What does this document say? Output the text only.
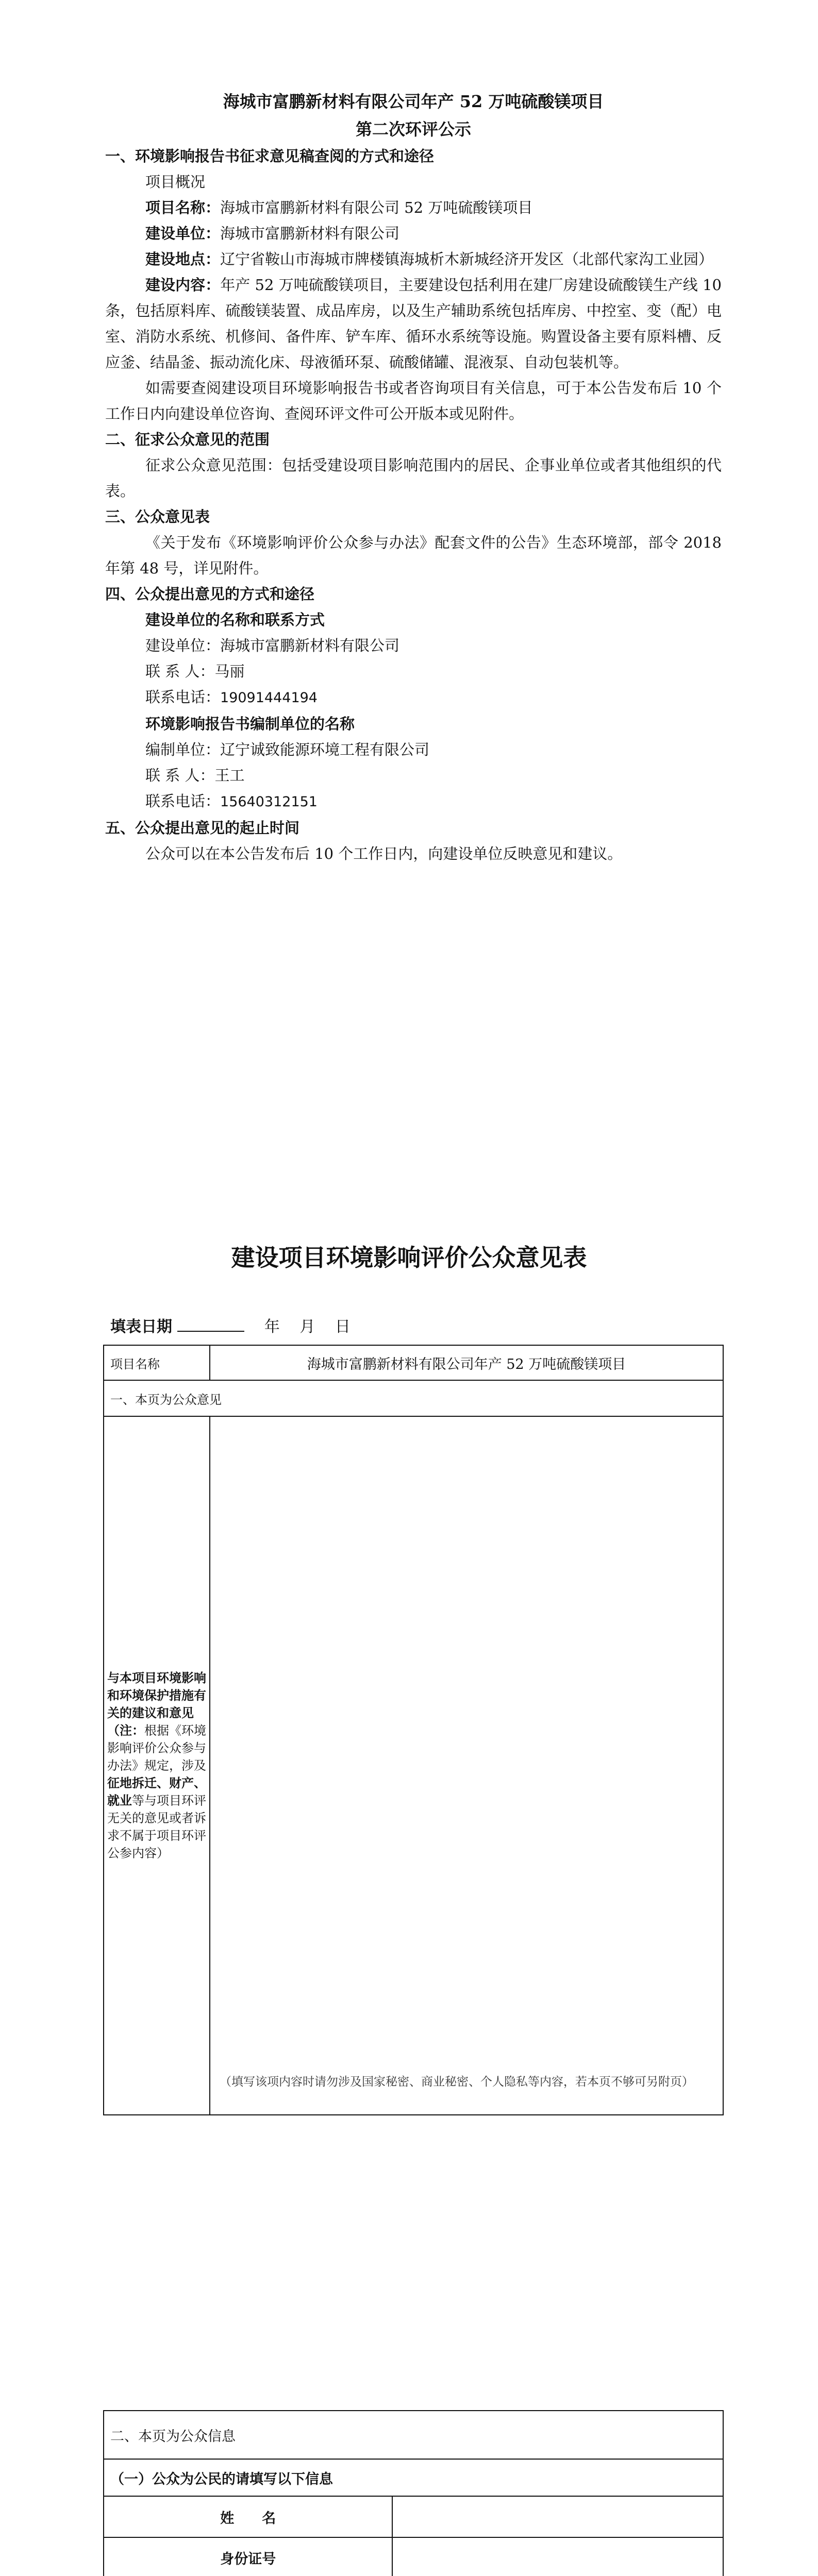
海城市富鹏新材料有限公司年产 52 万吨硫酸镁项目

第二次环评公示

一、环境影响报告书征求意见稿查阅的方式和途径

项目概况

项目名称：海城市富鹏新材料有限公司 52 万吨硫酸镁项目

建设单位：海城市富鹏新材料有限公司

建设地点：辽宁省鞍山市海城市牌楼镇海城析木新城经济开发区（北部代家沟工业园）

建设内容：年产 52 万吨硫酸镁项目，主要建设包括利用在建厂房建设硫酸镁生产线 10 条，包括原料库、硫酸镁装置、成品库房，以及生产辅助系统包括库房、中控室、变（配）电室、消防水系统、机修间、备件库、铲车库、循环水系统等设施。购置设备主要有原料槽、反应釜、结晶釜、振动流化床、母液循环泵、硫酸储罐、混液泵、自动包装机等。

如需要查阅建设项目环境影响报告书或者咨询项目有关信息，可于本公告发布后 10 个工作日内向建设单位咨询、查阅环评文件可公开版本或见附件。

二、征求公众意见的范围

征求公众意见范围：包括受建设项目影响范围内的居民、企事业单位或者其他组织的代表。

三、公众意见表

《关于发布《环境影响评价公众参与办法》配套文件的公告》生态环境部，部令 2018 年第 48 号，详见附件。

四、公众提出意见的方式和途径

建设单位的名称和联系方式

建设单位：海城市富鹏新材料有限公司

联 系 人：马丽

联系电话：19091444194

环境影响报告书编制单位的名称

编制单位：辽宁诚致能源环境工程有限公司

联 系 人：王工

联系电话：15640312151

五、公众提出意见的起止时间

公众可以在本公告发布后 10 个工作日内，向建设单位反映意见和建议。

建设项目环境影响评价公众意见表
填表日期	年 月 日
项目名称	海城市富鹏新材料有限公司年产 52 万吨硫酸镁项目
一、本页为公众意见	
与本项目环境影响和环境保护措施有关的建议和意见（注：根据《环境影响评价公众参与办法》规定，涉及征地拆迁、财产、就业等与项目环评无关的意见或者诉求不属于项目环评公参内容）	（填写该项内容时请勿涉及国家秘密、商业秘密、个人隐私等内容，若本页不够可另附页）
二、本页为公众信息		
（一）公众为公民的请填写以下信息		
姓　　名		
身份证号		
